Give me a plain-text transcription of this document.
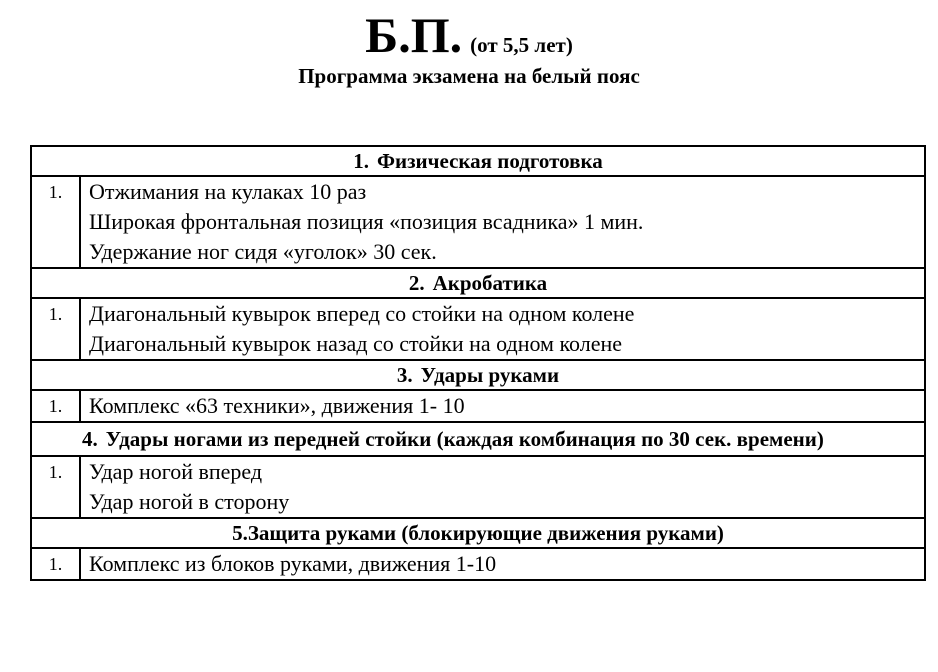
Б.П. (от 5,5 лет)
Программа экзамена на белый пояс
1. Физическая подготовка	
1.	Отжимания на кулаках 10 раз
Широкая фронтальная позиция «позиция всадника» 1 мин.
Удержание ног сидя «уголок» 30 сек.

2. Акробатика	
1.	Диагональный кувырок вперед со стойки на одном колене
Диагональный кувырок назад со стойки на одном колене

3. Удары руками	
1.	Комплекс «63 техники», движения 1- 10

4. Удары ногами из передней стойки (каждая комбинация по 30 сек. времени)	

1.	Удар ногой вперед
Удар ногой в сторону

5.Защита руками (блокирующие движения руками)	
1.	Комплекс из блоков руками, движения 1-10
